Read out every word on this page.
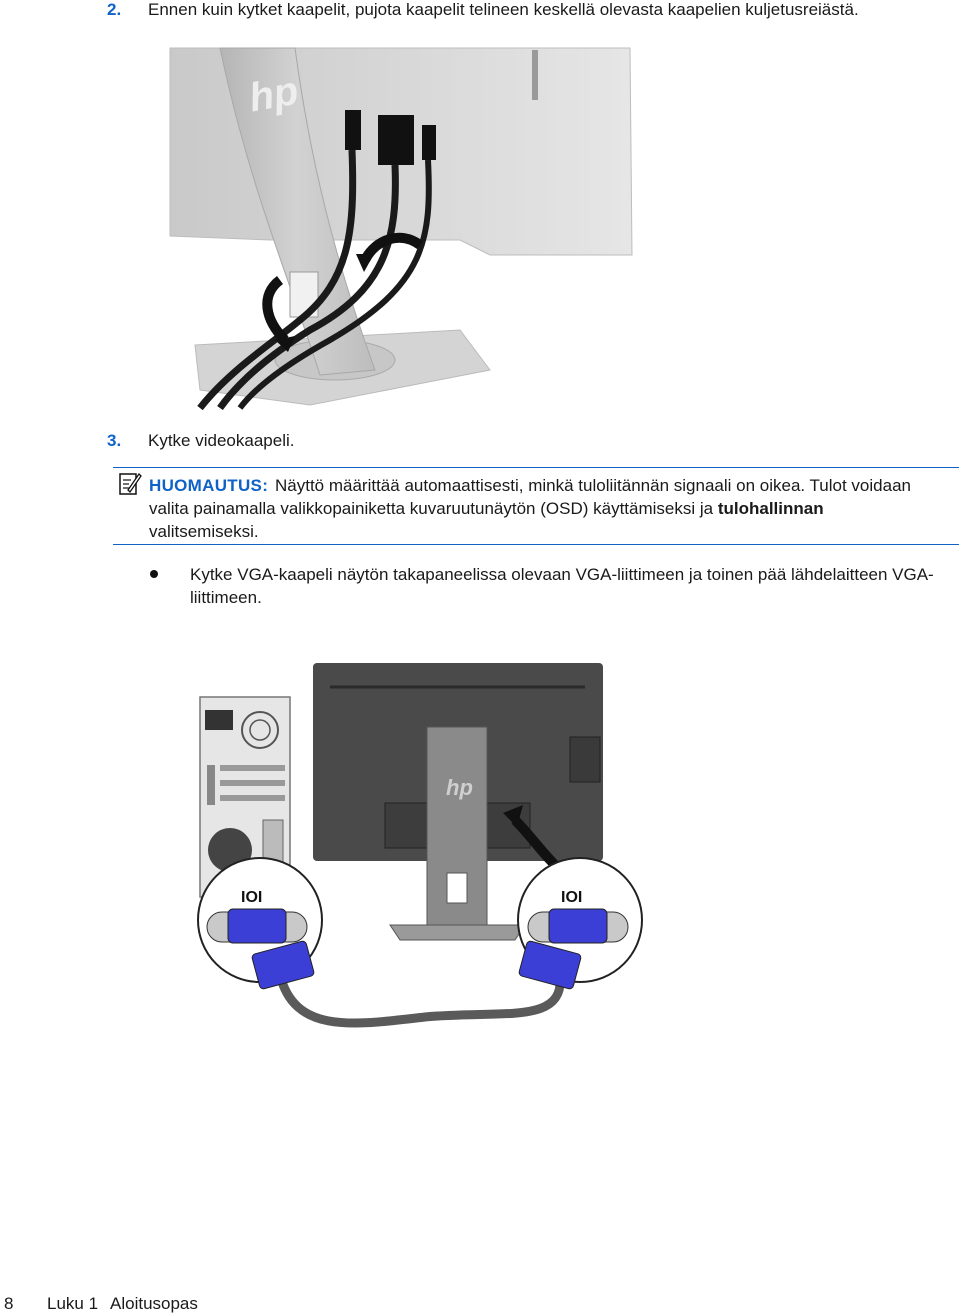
2. Ennen kuin kytket kaapelit, pujota kaapelit telineen keskellä olevasta kaapelien kuljetusreiästä.
hp
3. Kytke videokaapeli.
HUOMAUTUS: Näyttö määrittää automaattisesti, minkä tuloliitännän signaali on oikea. Tulot voidaan
valita painamalla valikkopainiketta kuvaruutunäytön (OSD) käyttämiseksi ja tulohallinnan
valitsemiseksi.
Kytke VGA-kaapeli näytön takapaneelissa olevaan VGA-liittimeen ja toinen pää lähdelaitteen VGA-
liittimeen.
hp
IOI	IOI
8 Luku 1 Aloitusopas
